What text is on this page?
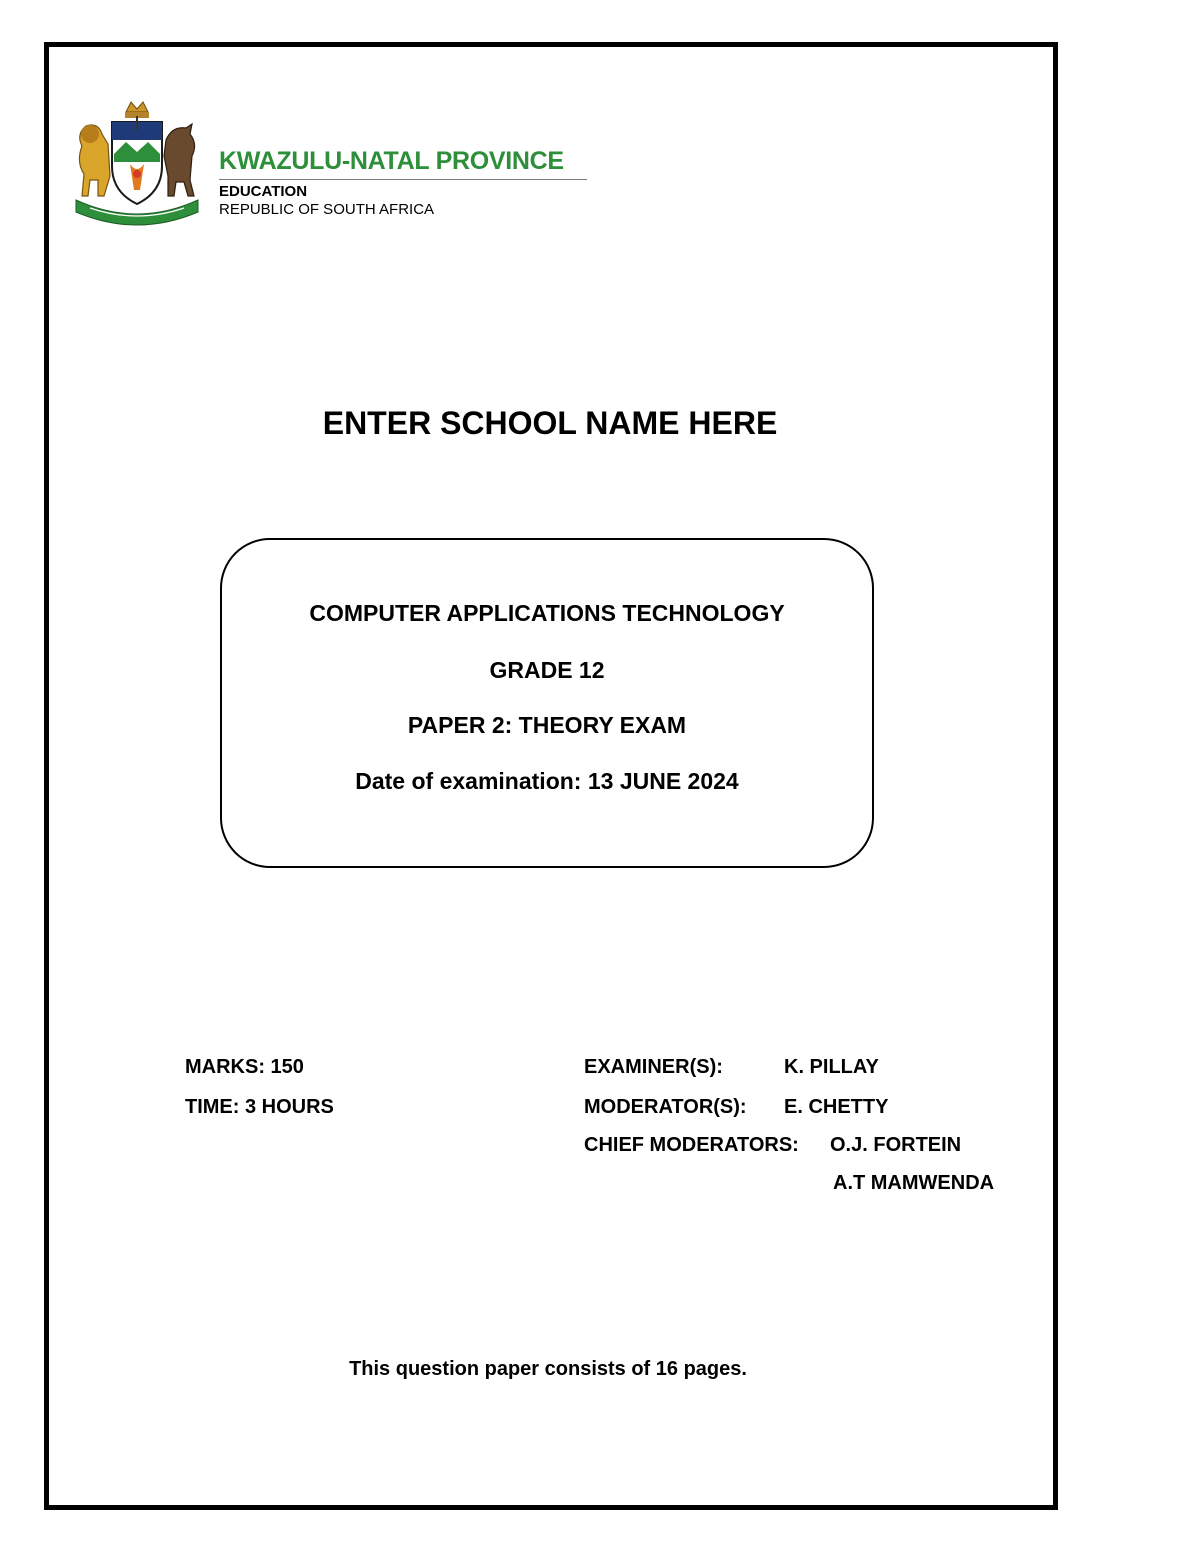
KWAZULU-NATAL PROVINCE
EDUCATION
REPUBLIC OF SOUTH AFRICA
ENTER SCHOOL NAME HERE
COMPUTER APPLICATIONS TECHNOLOGY
GRADE 12
PAPER 2: THEORY EXAM
Date of examination: 13 JUNE 2024
MARKS: 150
TIME: 3 HOURS
EXAMINER(S):	K. PILLAY
MODERATOR(S): E. CHETTY
CHIEF MODERATORS: O.J. FORTEIN
A.T MAMWENDA
This question paper consists of 16 pages.
